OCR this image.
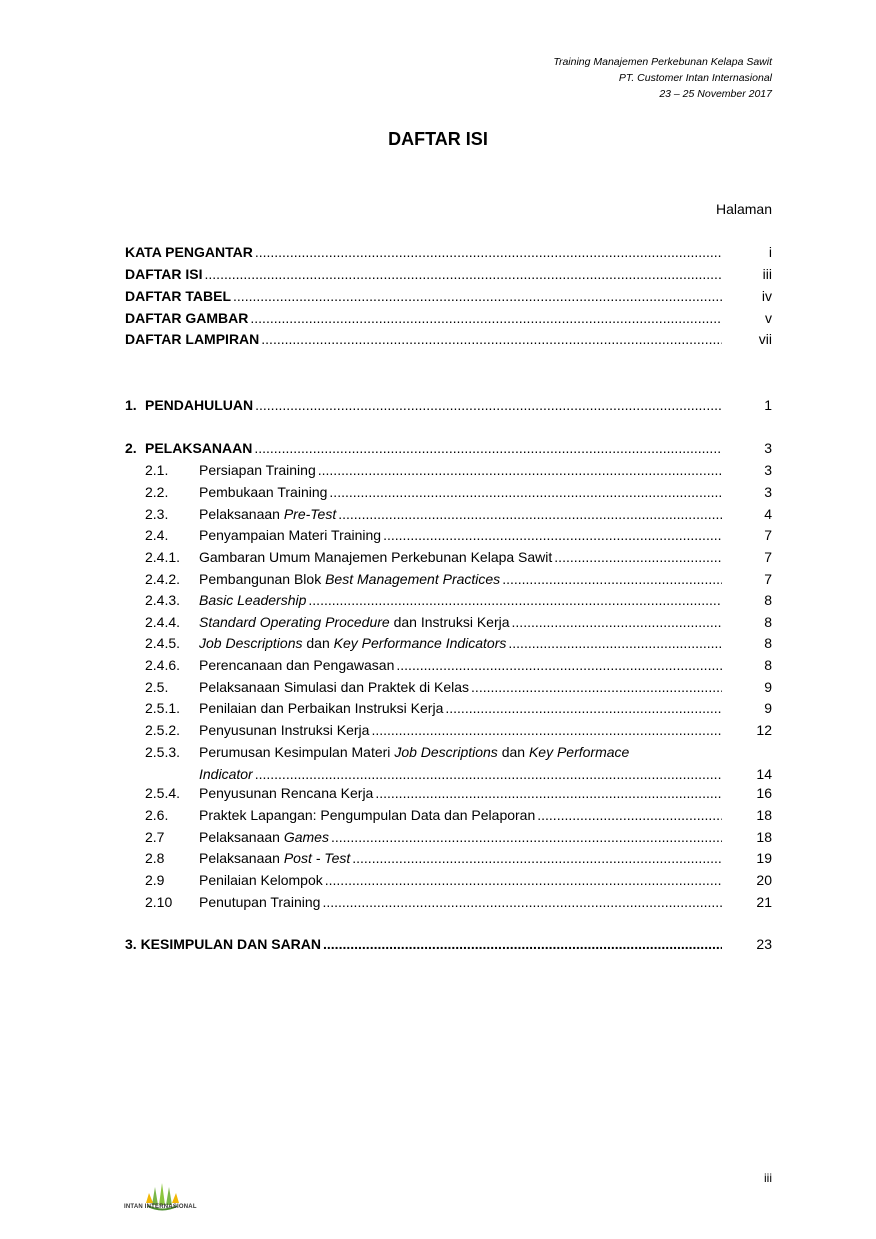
Training Manajemen Perkebunan Kelapa Sawit
PT. Customer Intan Internasional
23 – 25 November 2017
DAFTAR ISI
Halaman
KATA PENGANTAR .....	i
DAFTAR ISI .....	iii
DAFTAR TABEL .....	iv
DAFTAR GAMBAR .....	v
DAFTAR LAMPIRAN .....	vii
1. PENDAHULUAN .....	1
2. PELAKSANAAN .....	3
2.1.	Persiapan Training .....	3
2.2.	Pembukaan Training .....	3
2.3.	Pelaksanaan Pre-Test .....	4
2.4.	Penyampaian Materi Training .....	7
2.4.1.	Gambaran Umum Manajemen Perkebunan Kelapa Sawit .....	7
2.4.2.	Pembangunan Blok Best Management Practices .....	7
2.4.3.	Basic Leadership .....	8
2.4.4.	Standard Operating Procedure dan Instruksi Kerja .....	8
2.4.5.	Job Descriptions dan Key Performance Indicators .....	8
2.4.6.	Perencanaan dan Pengawasan .....	8
2.5.	Pelaksanaan Simulasi dan Praktek di Kelas .....	9
2.5.1.	Penilaian dan Perbaikan Instruksi Kerja .....	9
2.5.2.	Penyusunan Instruksi Kerja .....	12
2.5.3.	Perumusan Kesimpulan Materi Job Descriptions dan Key Performace
Indicator .....	14
2.5.4.	Penyusunan Rencana Kerja .....	16
2.6.	Praktek Lapangan: Pengumpulan Data dan Pelaporan .....	18
2.7	Pelaksanaan Games .....	18
2.8	Pelaksanaan Post - Test .....	19
2.9	Penilaian Kelompok .....	20
2.10	Penutupan Training .....	21
3. KESIMPULAN DAN SARAN .....	23
iii
INTAN INTERNASIONAL
